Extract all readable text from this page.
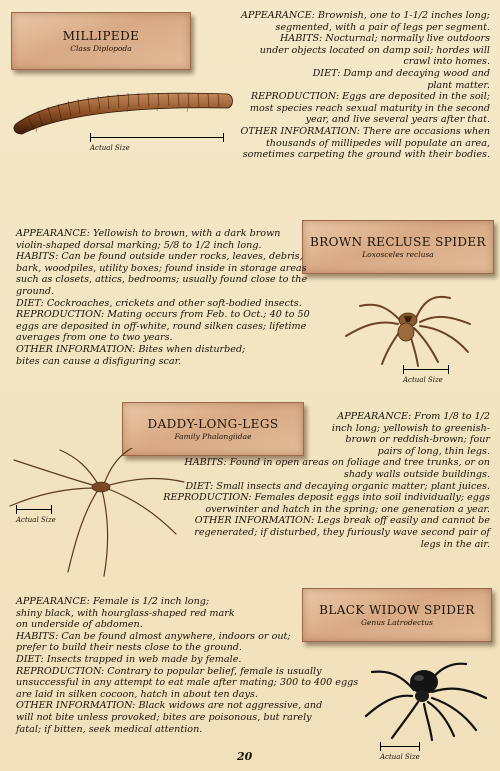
MILLIPEDE
Class Diplopoda
Actual Size

APPEARANCE: Brownish, one to 1-1/2 inches long; segmented, with a pair of legs per segment.

HABITS: Nocturnal; normally live outdoors under objects located on damp soil; hordes will crawl into homes.

DIET: Damp and decaying wood and plant matter.

REPRODUCTION: Eggs are deposited in the soil; most species reach sexual maturity in the second year, and live several years after that.

OTHER INFORMATION: There are occasions when thousands of millipedes will populate an area, sometimes carpeting the ground with their bodies.

BROWN RECLUSE SPIDER
Loxosceles reclusa

APPEARANCE: Yellowish to brown, with a dark brown violin-shaped dorsal marking; 5/8 to 1/2 inch long.

HABITS: Can be found outside under rocks, leaves, debris, bark, woodpiles, utility boxes; found inside in storage areas such as closets, attics, bedrooms; usually found close to the ground.

DIET: Cockroaches, crickets and other soft-bodied insects.

REPRODUCTION: Mating occurs from Feb. to Oct.; 40 to 50 eggs are deposited in off-white, round silken cases; lifetime averages from one to two years.

OTHER INFORMATION: Bites when disturbed; bites can cause a disfiguring scar.

Actual Size
DADDY-LONG-LEGS
Family Phalangiidae
Actual Size

APPEARANCE: From 1/8 to 1/2 inch long; yellowish to greenish-brown or reddish-brown; four pairs of long, thin legs.

HABITS: Found in open areas on foliage and tree trunks, or on shady walls outside buildings.

DIET: Small insects and decaying organic matter; plant juices.

REPRODUCTION: Females deposit eggs into soil individually; eggs overwinter and hatch in the spring; one generation a year.

OTHER INFORMATION: Legs break off easily and cannot be regenerated; if disturbed, they furiously wave second pair of legs in the air.

BLACK WIDOW SPIDER
Genus Latrodectus

APPEARANCE: Female is 1/2 inch long; shiny black, with hourglass-shaped red mark on underside of abdomen.

HABITS: Can be found almost anywhere, indoors or out; prefer to build their nests close to the ground.

DIET: Insects trapped in web made by female.

REPRODUCTION: Contrary to popular belief, female is usually unsuccessful in any attempt to eat male after mating; 300 to 400 eggs are laid in silken cocoon, hatch in about ten days.

OTHER INFORMATION: Black widows are not aggressive, and will not bite unless provoked; bites are poisonous, but rarely fatal; if bitten, seek medical attention.

Actual Size
20
